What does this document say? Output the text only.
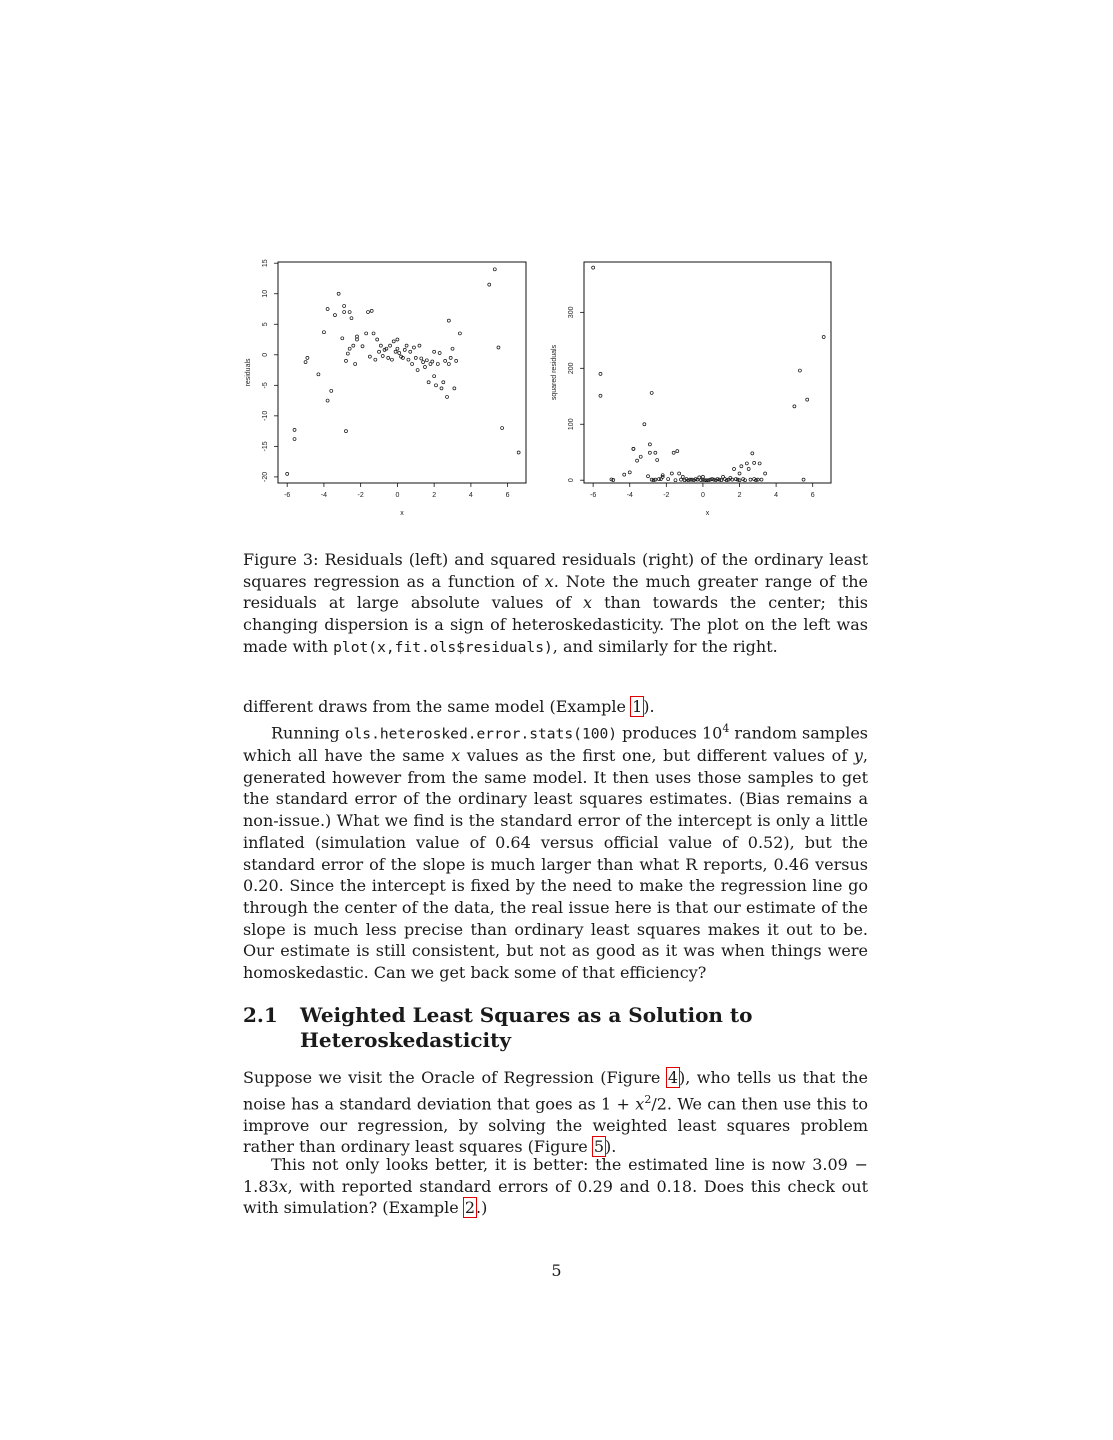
-6	-4	-2	0	2	4	6
-20
-15
-10
-5
0
5
10
15
x
residuals
-6	-4	-2	0	2	4	6
0
100
200
300
x
squared residuals

Figure 3: Residuals (left) and squared residuals (right) of the ordinary least squares regression as a function of x. Note the much greater range of the residuals at large absolute values of x than towards the center; this changing dispersion is a sign of heteroskedasticity. The plot on the left was made with plot(x,fit.ols$residuals), and similarly for the right.

different draws from the same model (Example 1).

Running ols.heterosked.error.stats(100) produces $10^4$ random samples which all have the same x values as the first one, but different values of y, generated however from the same model. It then uses those samples to get the standard error of the ordinary least squares estimates. (Bias remains a non-issue.) What we find is the standard error of the intercept is only a little inflated (simulation value of 0.64 versus official value of 0.52), but the standard error of the slope is much larger than what R reports, 0.46 versus 0.20. Since the intercept is fixed by the need to make the regression line go through the center of the data, the real issue here is that our estimate of the slope is much less precise than ordinary least squares makes it out to be. Our estimate is still consistent, but not as good as it was when things were homoskedastic. Can we get back some of that efficiency?

2.1	Weighted Least Squares as a Solution to Heteroskedasticity

Suppose we visit the Oracle of Regression (Figure 4), who tells us that the noise has a standard deviation that goes as $1 + x^2/2$. We can then use this to improve our regression, by solving the weighted least squares problem rather than ordinary least squares (Figure 5).

This not only looks better, it is better: the estimated line is now 3.09 − 1.83x, with reported standard errors of 0.29 and 0.18. Does this check out with simulation? (Example 2.)

5
